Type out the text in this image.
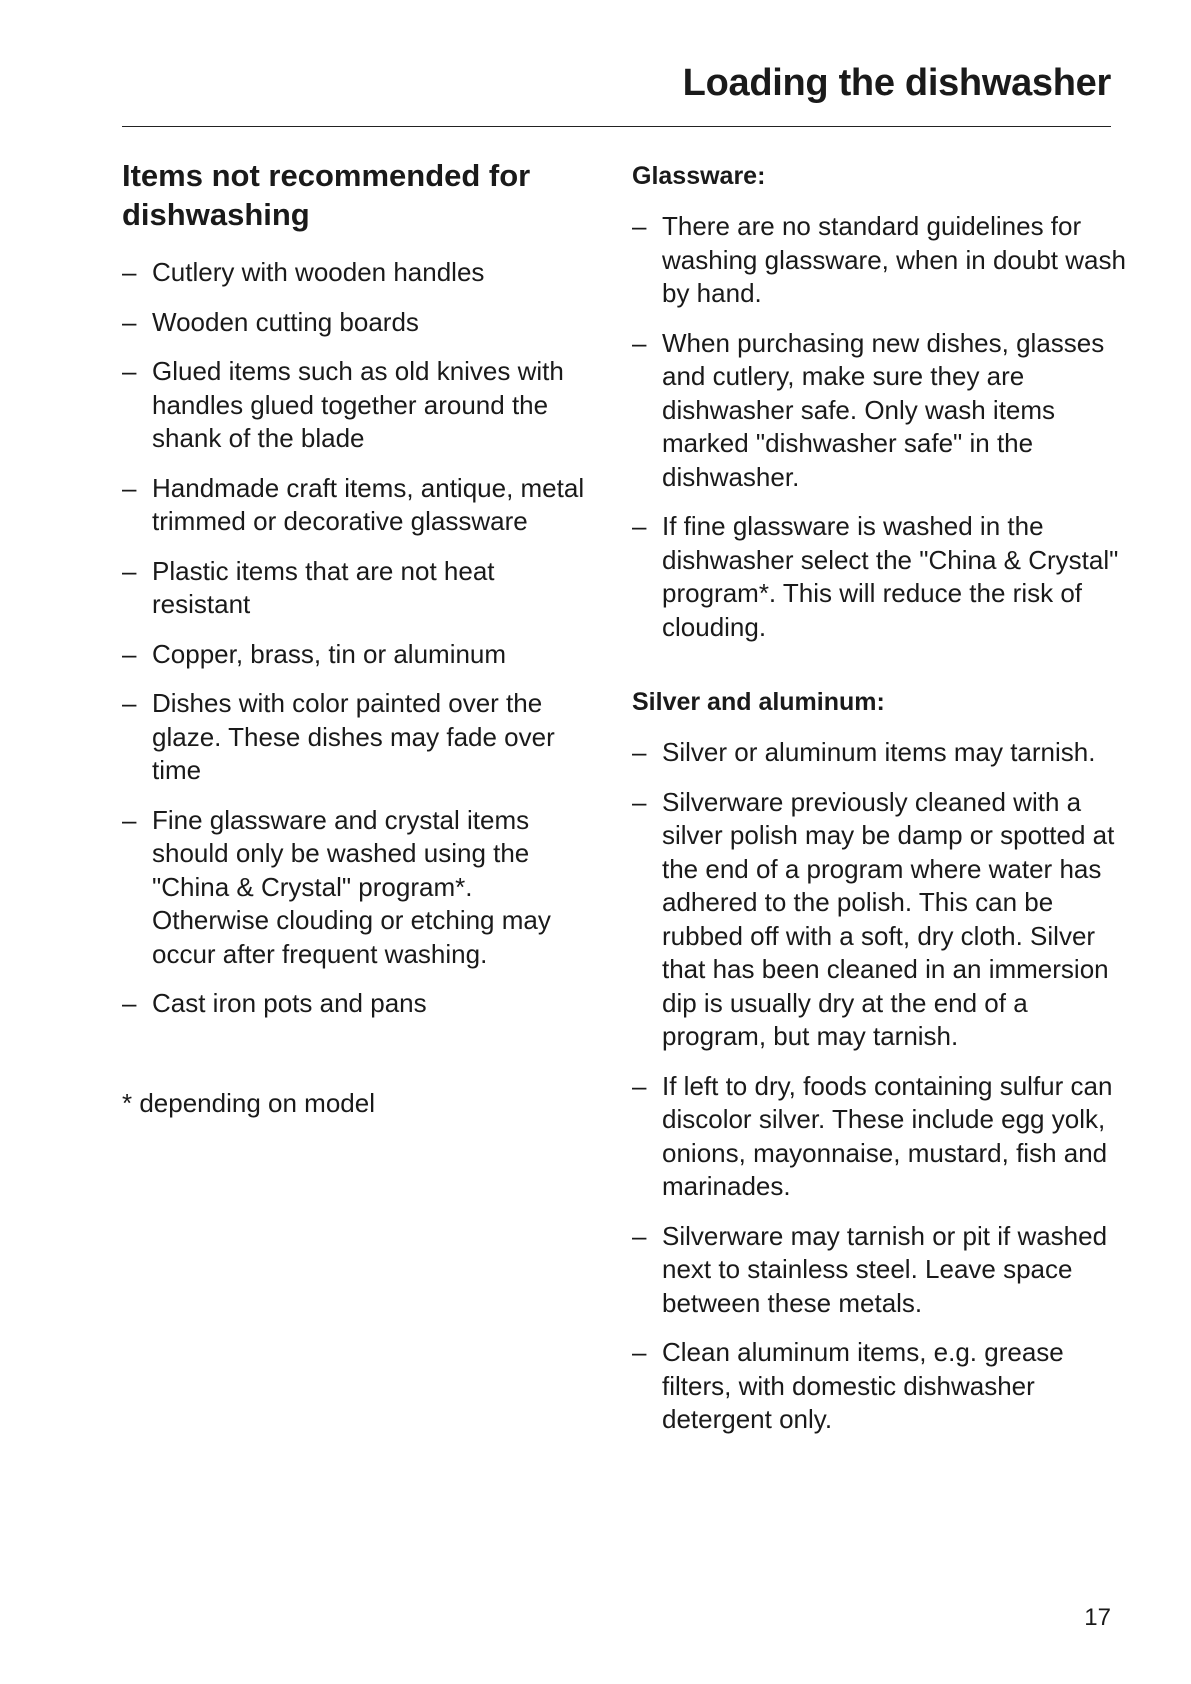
Loading the dishwasher
Items not recommended for dishwashing
– Cutlery with wooden handles
– Wooden cutting boards
– Glued items such as old knives with handles glued together around the shank of the blade
– Handmade craft items, antique, metal trimmed or decorative glassware
– Plastic items that are not heat resistant
– Copper, brass, tin or aluminum
– Dishes with color painted over the glaze. These dishes may fade over time
– Fine glassware and crystal items should only be washed using the "China & Crystal" program*. Otherwise clouding or etching may occur after frequent washing.
– Cast iron pots and pans
* depending on model
Glassware:
– There are no standard guidelines for washing glassware, when in doubt wash by hand.
– When purchasing new dishes, glasses and cutlery, make sure they are dishwasher safe. Only wash items marked "dishwasher safe" in the dishwasher.
– If fine glassware is washed in the dishwasher select the "China & Crystal" program*. This will reduce the risk of clouding.
Silver and aluminum:
– Silver or aluminum items may tarnish.
– Silverware previously cleaned with a silver polish may be damp or spotted at the end of a program where water has adhered to the polish. This can be rubbed off with a soft, dry cloth. Silver that has been cleaned in an immersion dip is usually dry at the end of a program, but may tarnish.
– If left to dry, foods containing sulfur can discolor silver. These include egg yolk, onions, mayonnaise, mustard, fish and marinades.
– Silverware may tarnish or pit if washed next to stainless steel. Leave space between these metals.
– Clean aluminum items, e.g. grease filters, with domestic dishwasher detergent only.
17
